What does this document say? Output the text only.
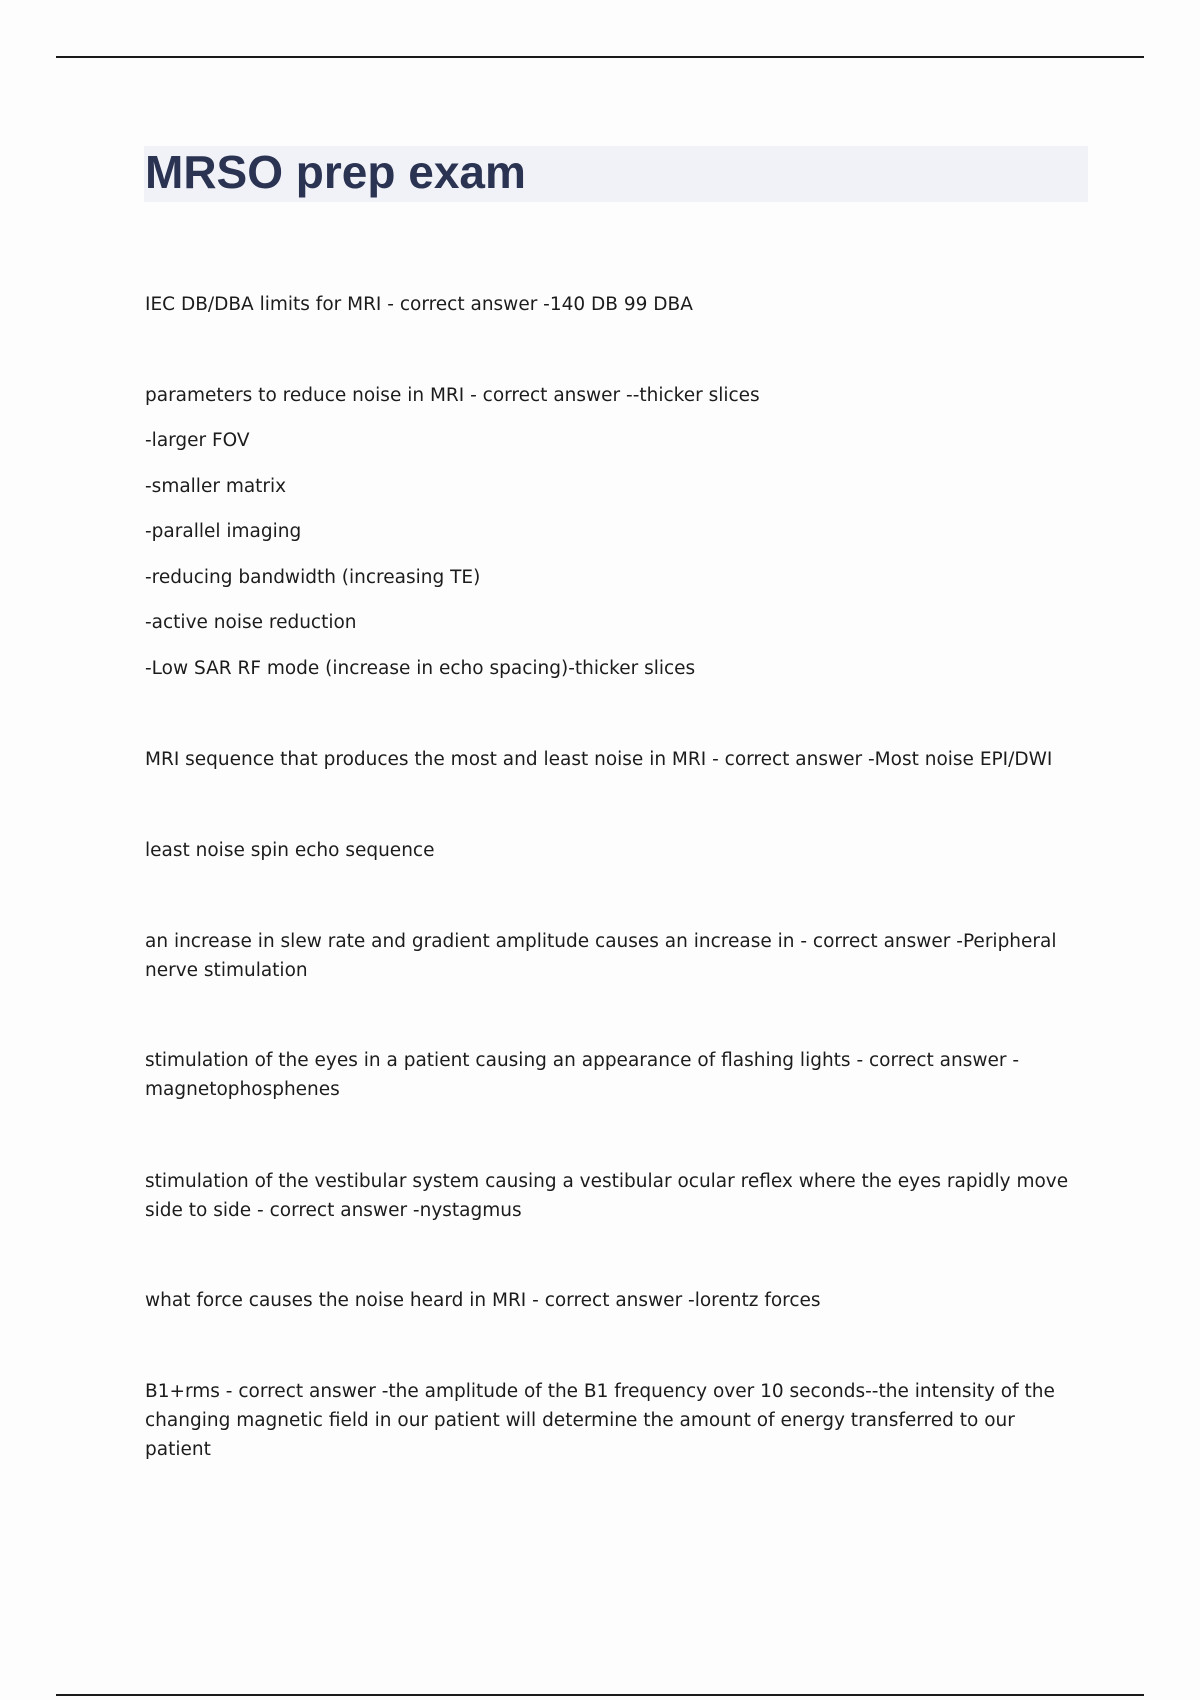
MRSO prep exam

IEC DB/DBA limits for MRI - correct answer -140 DB 99 DBA

parameters to reduce noise in MRI - correct answer --thicker slices

-larger FOV

-smaller matrix

-parallel imaging

-reducing bandwidth (increasing TE)

-active noise reduction

-Low SAR RF mode (increase in echo spacing)-thicker slices

MRI sequence that produces the most and least noise in MRI - correct answer -Most noise EPI/DWI

least noise spin echo sequence

an increase in slew rate and gradient amplitude causes an increase in - correct answer -Peripheral nerve stimulation

stimulation of the eyes in a patient causing an appearance of flashing lights - correct answer - magnetophosphenes

stimulation of the vestibular system causing a vestibular ocular reflex where the eyes rapidly move side to side - correct answer -nystagmus

what force causes the noise heard in MRI - correct answer -lorentz forces

B1+rms - correct answer -the amplitude of the B1 frequency over 10 seconds--the intensity of the changing magnetic field in our patient will determine the amount of energy transferred to our patient
